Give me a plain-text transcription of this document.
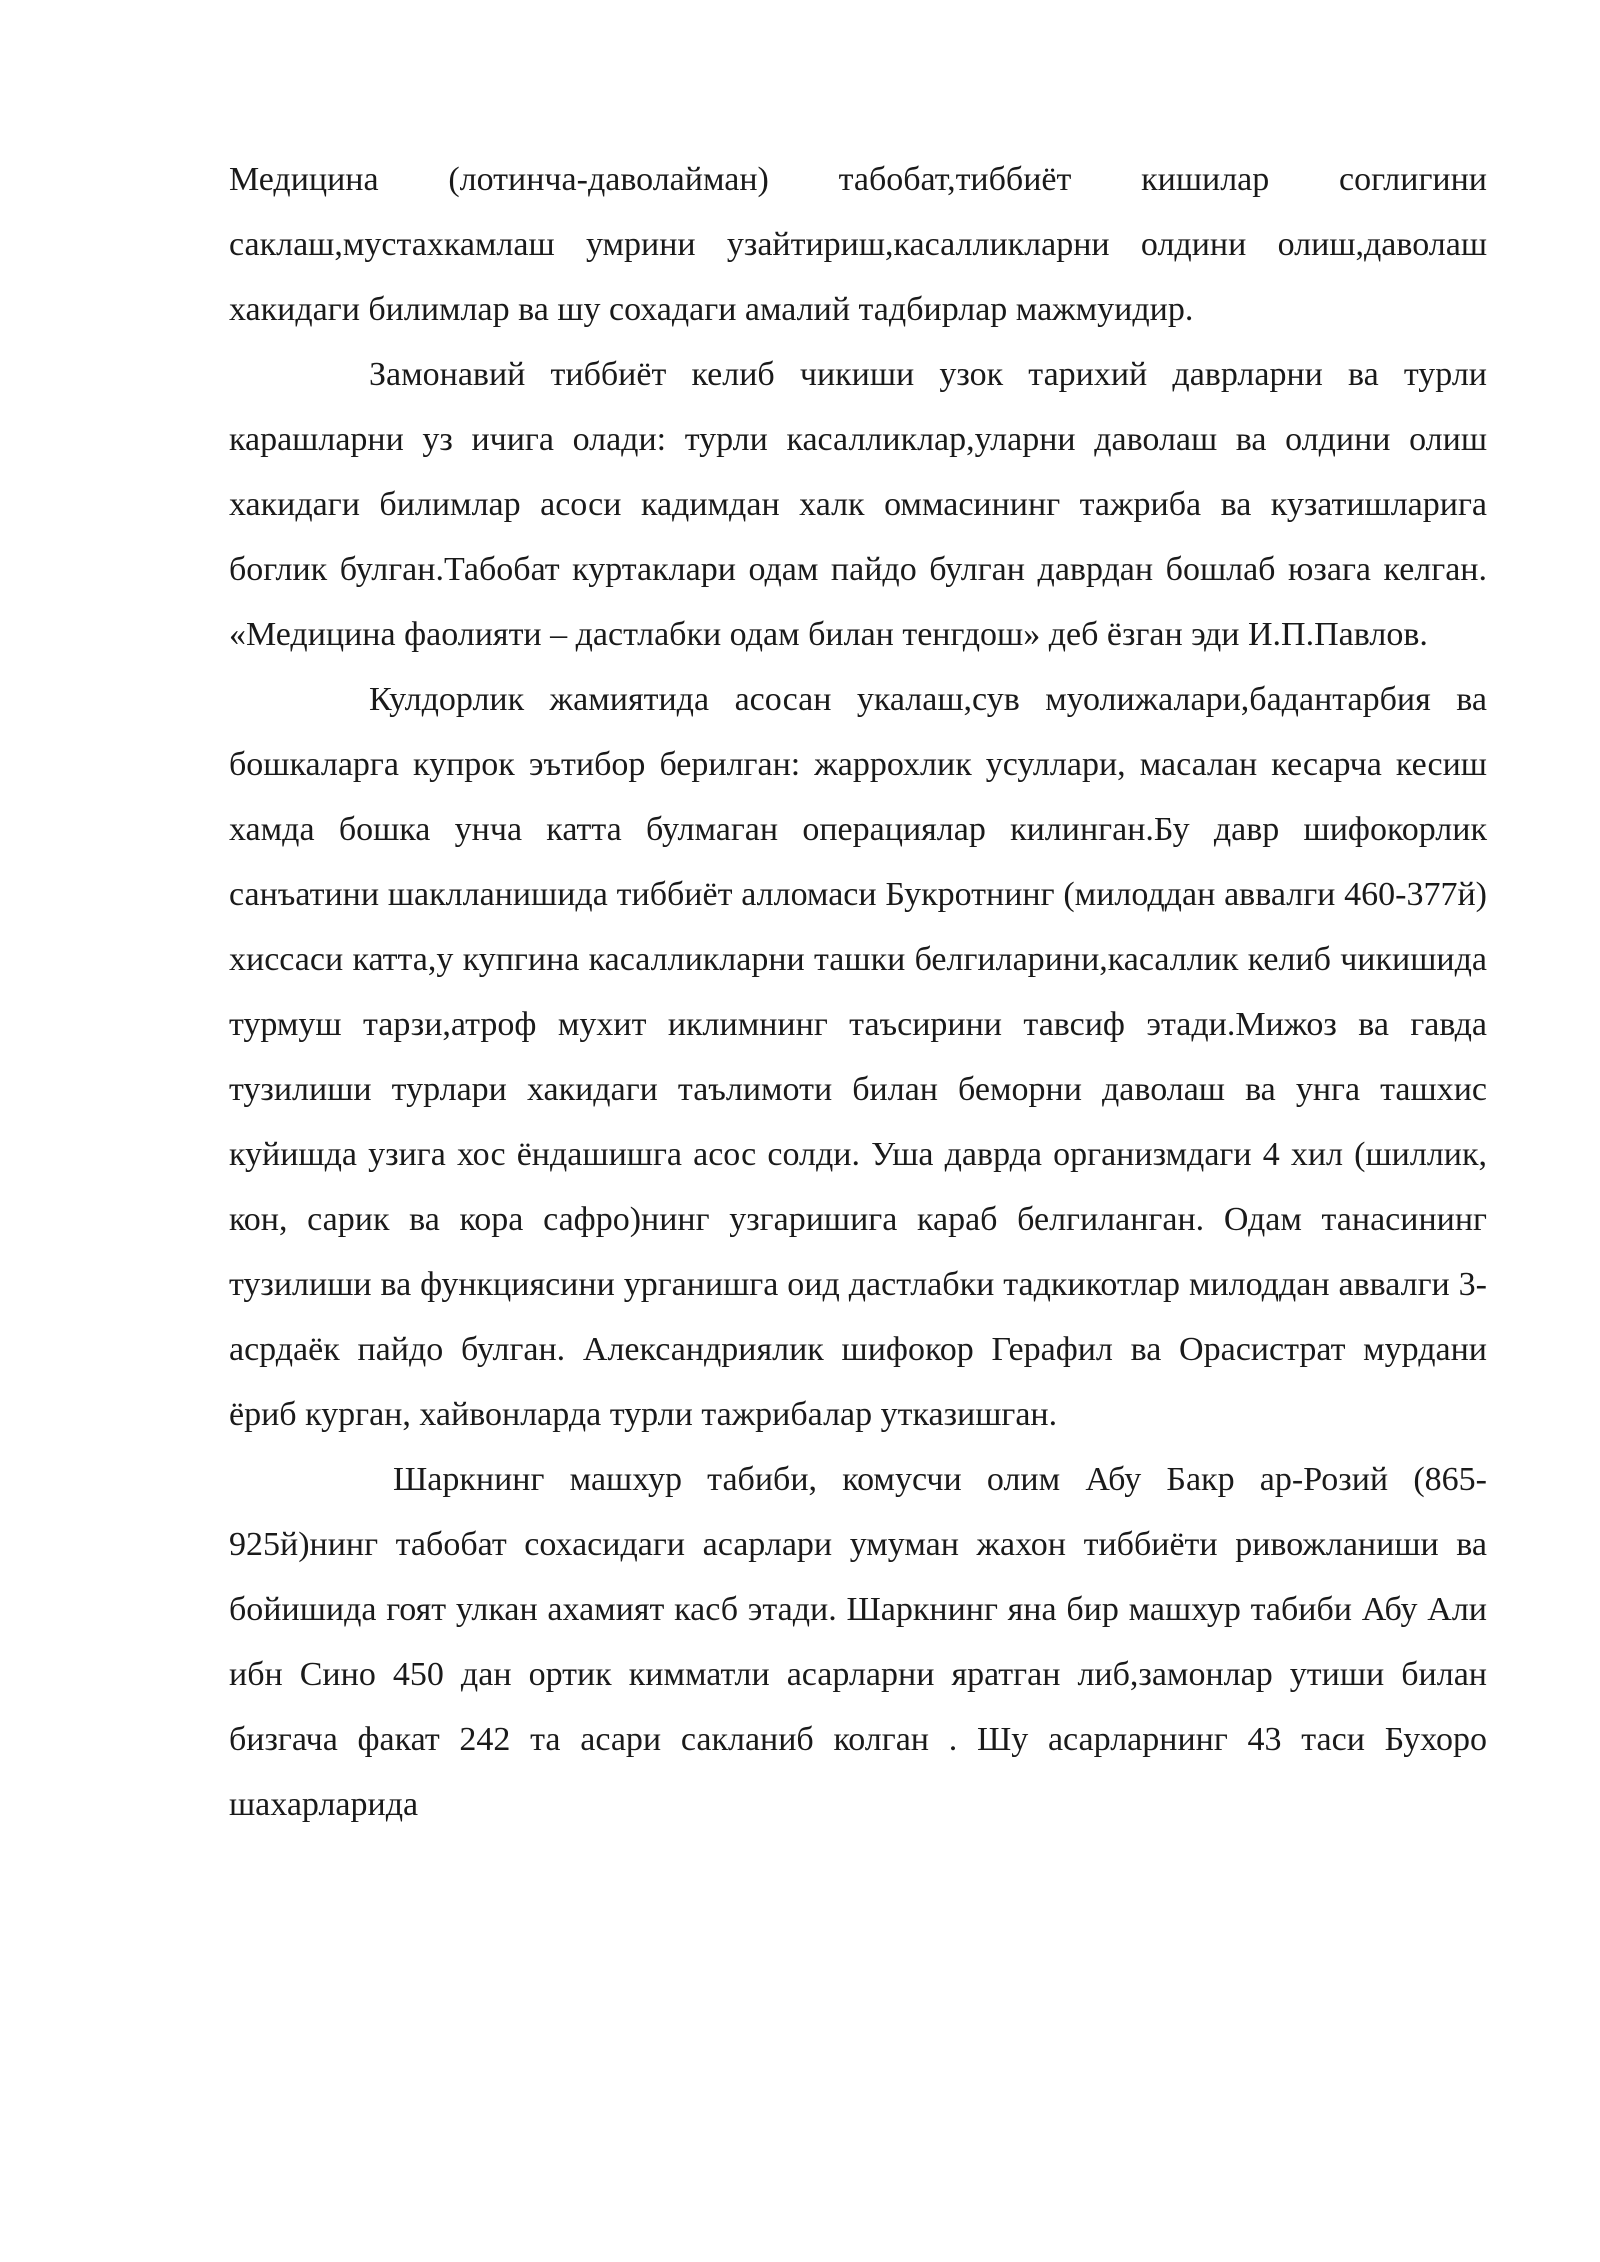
Медицина (лотинча-даволайман) табобат,тиббиёт кишилар соглигини саклаш,мустахкамлаш умрини узайтириш,касалликларни олдини олиш,даволаш хакидаги билимлар ва шу сохадаги амалий тадбирлар мажмуидир.

Замонавий тиббиёт келиб чикиши узок тарихий даврларни ва турли карашларни уз ичига олади: турли касалликлар,уларни даволаш ва олдини олиш хакидаги билимлар асоси кадимдан халк оммасининг тажриба ва кузатишларига боглик булган.Табобат куртаклари одам пайдо булган даврдан бошлаб юзага келган. «Медицина фаолияти – дастлабки одам билан тенгдош» деб ёзган эди И.П.Павлов.

Кулдорлик жамиятида асосан укалаш,сув муолижалари,бадантарбия ва бошкаларга купрок эътибор берилган: жаррохлик усуллари, масалан кесарча кесиш хамда бошка унча катта булмаган операциялар килинган.Бу давр шифокорлик санъатини шаклланишида тиббиёт алломаси Букротнинг (милоддан аввалги 460-377й) хиссаси катта,у купгина касалликларни ташки белгиларини,касаллик келиб чикишида турмуш тарзи,атроф мухит иклимнинг таъсирини тавсиф этади.Мижоз ва гавда тузилиши турлари хакидаги таълимоти билан беморни даволаш ва унга ташхис куйишда узига хос ёндашишга асос солди. Уша даврда организмдаги 4 хил (шиллик, кон, сарик ва кора сафро)нинг узгаришига караб белгиланган. Одам танасининг тузилиши ва функциясини урганишга оид дастлабки тадкикотлар милоддан аввалги 3- асрдаёк пайдо булган. Александриялик шифокор Герафил ва Орасистрат мурдани ёриб курган, хайвонларда турли тажрибалар утказишган.

Шаркнинг машхур табиби, комусчи олим Абу Бакр ар-Розий (865-925й)нинг табобат сохасидаги асарлари умуман жахон тиббиёти ривожланиши ва бойишида гоят улкан ахамият касб этади. Шаркнинг яна бир машхур табиби Абу Али ибн Сино 450 дан ортик кимматли асарларни яратган либ,замонлар утиши билан бизгача факат 242 та асари сакланиб колган . Шу асарларнинг 43 таси Бухоро шахарларида
